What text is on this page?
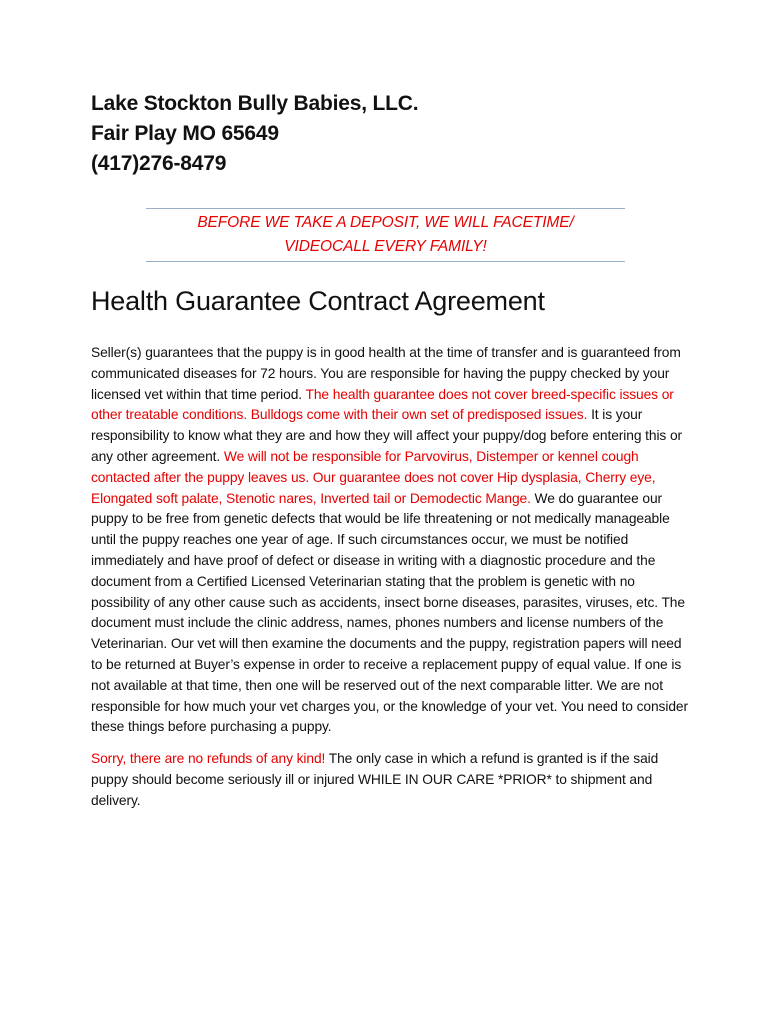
Lake Stockton Bully Babies, LLC.

Fair Play MO 65649

(417)276-8479

BEFORE WE TAKE A DEPOSIT, WE WILL FACETIME/

VIDEOCALL EVERY FAMILY!

Health Guarantee Contract Agreement

Seller(s) guarantees that the puppy is in good health at the time of transfer and is guaranteed from communicated diseases for 72 hours. You are responsible for having the puppy checked by your licensed vet within that time period. The health guarantee does not cover breed-specific issues or other treatable conditions. Bulldogs come with their own set of predisposed issues. It is your responsibility to know what they are and how they will affect your puppy/dog before entering this or any other agreement. We will not be responsible for Parvovirus, Distemper or kennel cough contacted after the puppy leaves us. Our guarantee does not cover Hip dysplasia, Cherry eye, Elongated soft palate, Stenotic nares, Inverted tail or Demodectic Mange. We do guarantee our puppy to be free from genetic defects that would be life threatening or not medically manageable until the puppy reaches one year of age. If such circumstances occur, we must be notified immediately and have proof of defect or disease in writing with a diagnostic procedure and the document from a Certified Licensed Veterinarian stating that the problem is genetic with no possibility of any other cause such as accidents, insect borne diseases, parasites, viruses, etc. The document must include the clinic address, names, phones numbers and license numbers of the Veterinarian. Our vet will then examine the documents and the puppy, registration papers will need to be returned at Buyer’s expense in order to receive a replacement puppy of equal value. If one is not available at that time, then one will be reserved out of the next comparable litter. We are not responsible for how much your vet charges you, or the knowledge of your vet. You need to consider these things before purchasing a puppy.

Sorry, there are no refunds of any kind! The only case in which a refund is granted is if the said puppy should become seriously ill or injured WHILE IN OUR CARE *PRIOR* to shipment and delivery.
